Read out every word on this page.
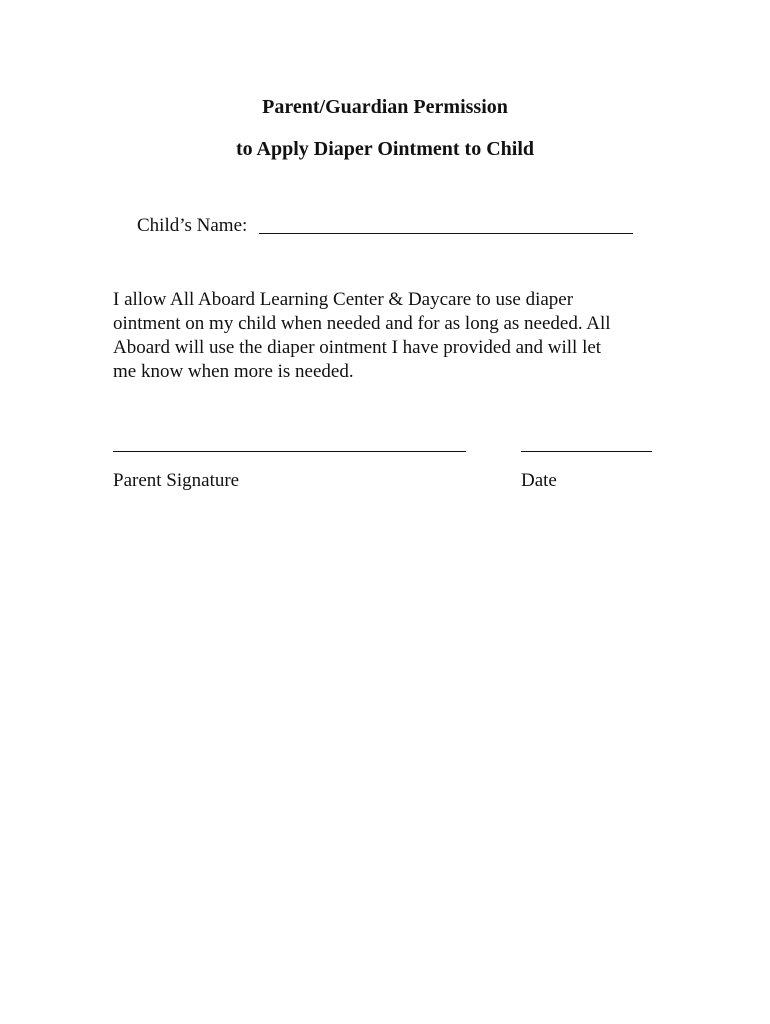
Parent/Guardian Permission
to Apply Diaper Ointment to Child
Child’s Name:
I allow All Aboard Learning Center & Daycare to use diaper
ointment on my child when needed and for as long as needed. All
Aboard will use the diaper ointment I have provided and will let
me know when more is needed.
Parent Signature	Date
